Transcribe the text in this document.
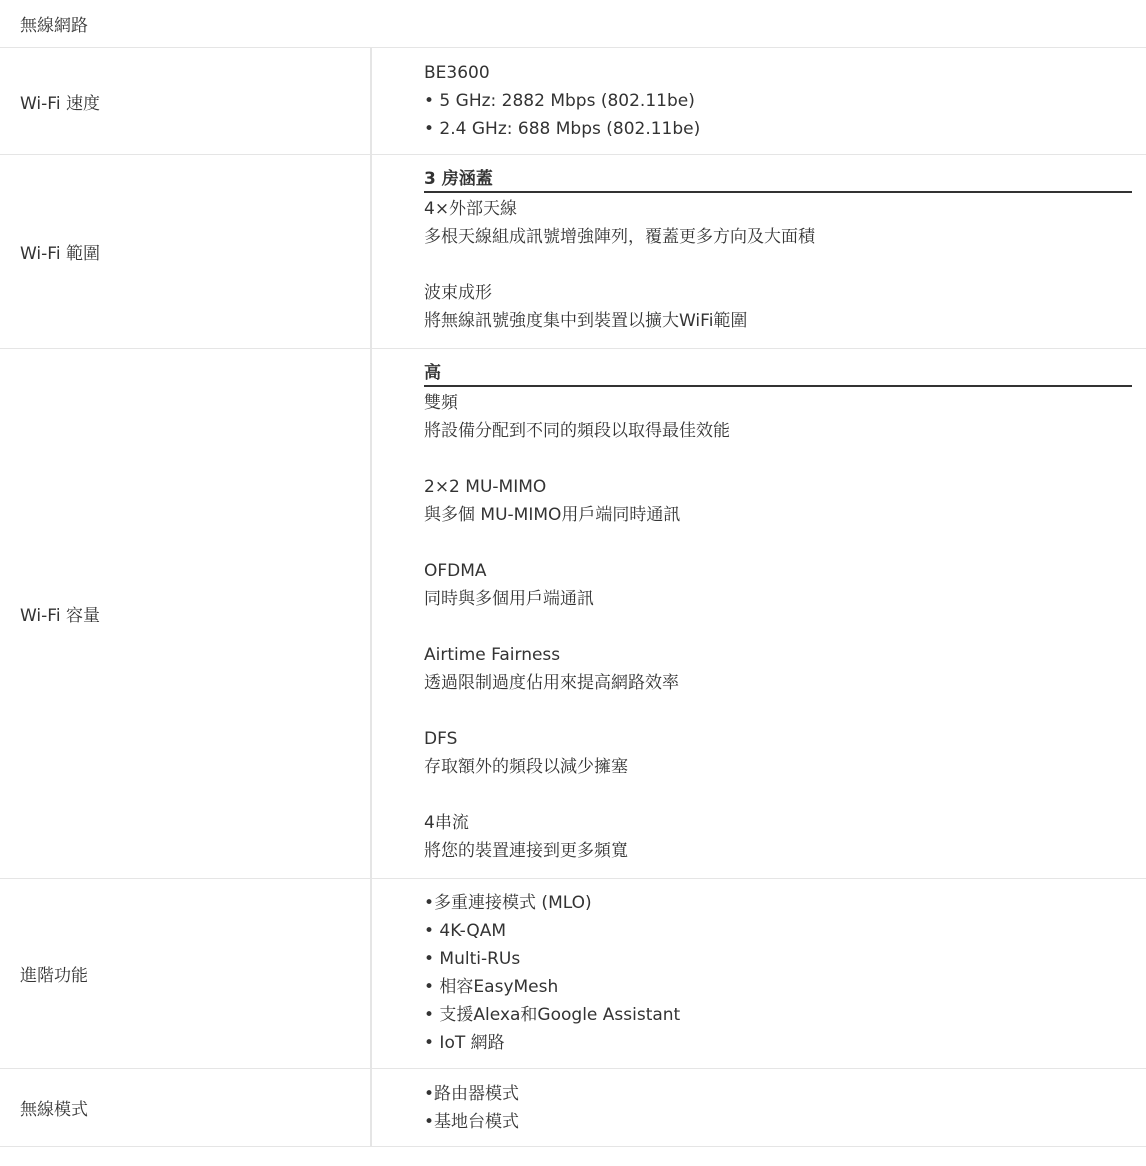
無線網路
Wi-Fi 速度
BE3600
• 5 GHz: 2882 Mbps (802.11be)
• 2.4 GHz: 688 Mbps (802.11be)
Wi-Fi 範圍
3 房涵蓋
4×外部天線
多根天線組成訊號增強陣列，覆蓋更多方向及大面積
波束成形
將無線訊號強度集中到裝置以擴大WiFi範圍
Wi-Fi 容量
高
雙頻
將設備分配到不同的頻段以取得最佳效能
2×2 MU-MIMO
與多個 MU-MIMO用戶端同時通訊
OFDMA
同時與多個用戶端通訊
Airtime Fairness
透過限制過度佔用來提高網路效率
DFS
存取額外的頻段以減少擁塞
4串流
將您的裝置連接到更多頻寬
進階功能
•多重連接模式 (MLO)
• 4K-QAM
• Multi-RUs
• 相容EasyMesh
• 支援Alexa和Google Assistant
• IoT 網路
無線模式
•路由器模式
•基地台模式
